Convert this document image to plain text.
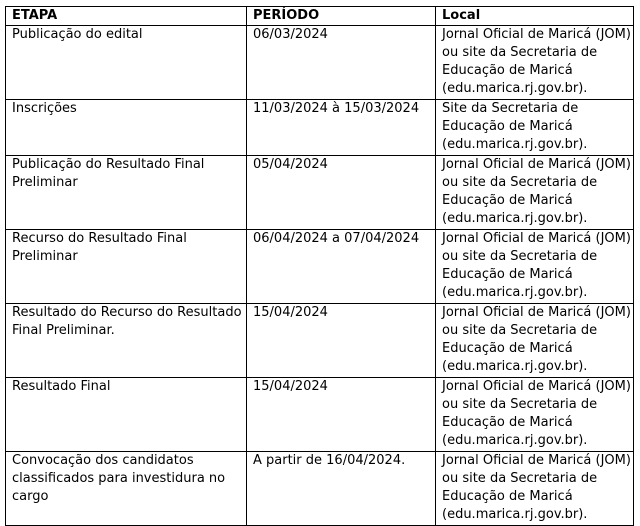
ETAPA	PERÍODO	Local
Publicação do edital	06/03/2024	Jornal Oficial de Maricá (JOM) ou site da Secretaria de Educação de Maricá (edu.marica.rj.gov.br).
Inscrições	11/03/2024 à 15/03/2024	Site da Secretaria de Educação de Maricá (edu.marica.rj.gov.br).
Publicação do Resultado Final Preliminar	05/04/2024	Jornal Oficial de Maricá (JOM) ou site da Secretaria de Educação de Maricá (edu.marica.rj.gov.br).
Recurso do Resultado Final Preliminar	06/04/2024 a 07/04/2024	Jornal Oficial de Maricá (JOM) ou site da Secretaria de Educação de Maricá (edu.marica.rj.gov.br).
Resultado do Recurso do Resultado Final Preliminar.	15/04/2024	Jornal Oficial de Maricá (JOM) ou site da Secretaria de Educação de Maricá (edu.marica.rj.gov.br).
Resultado Final	15/04/2024	Jornal Oficial de Maricá (JOM) ou site da Secretaria de Educação de Maricá (edu.marica.rj.gov.br).
Convocação dos candidatos classificados para investidura no cargo	A partir de 16/04/2024.	Jornal Oficial de Maricá (JOM) ou site da Secretaria de Educação de Maricá (edu.marica.rj.gov.br).
